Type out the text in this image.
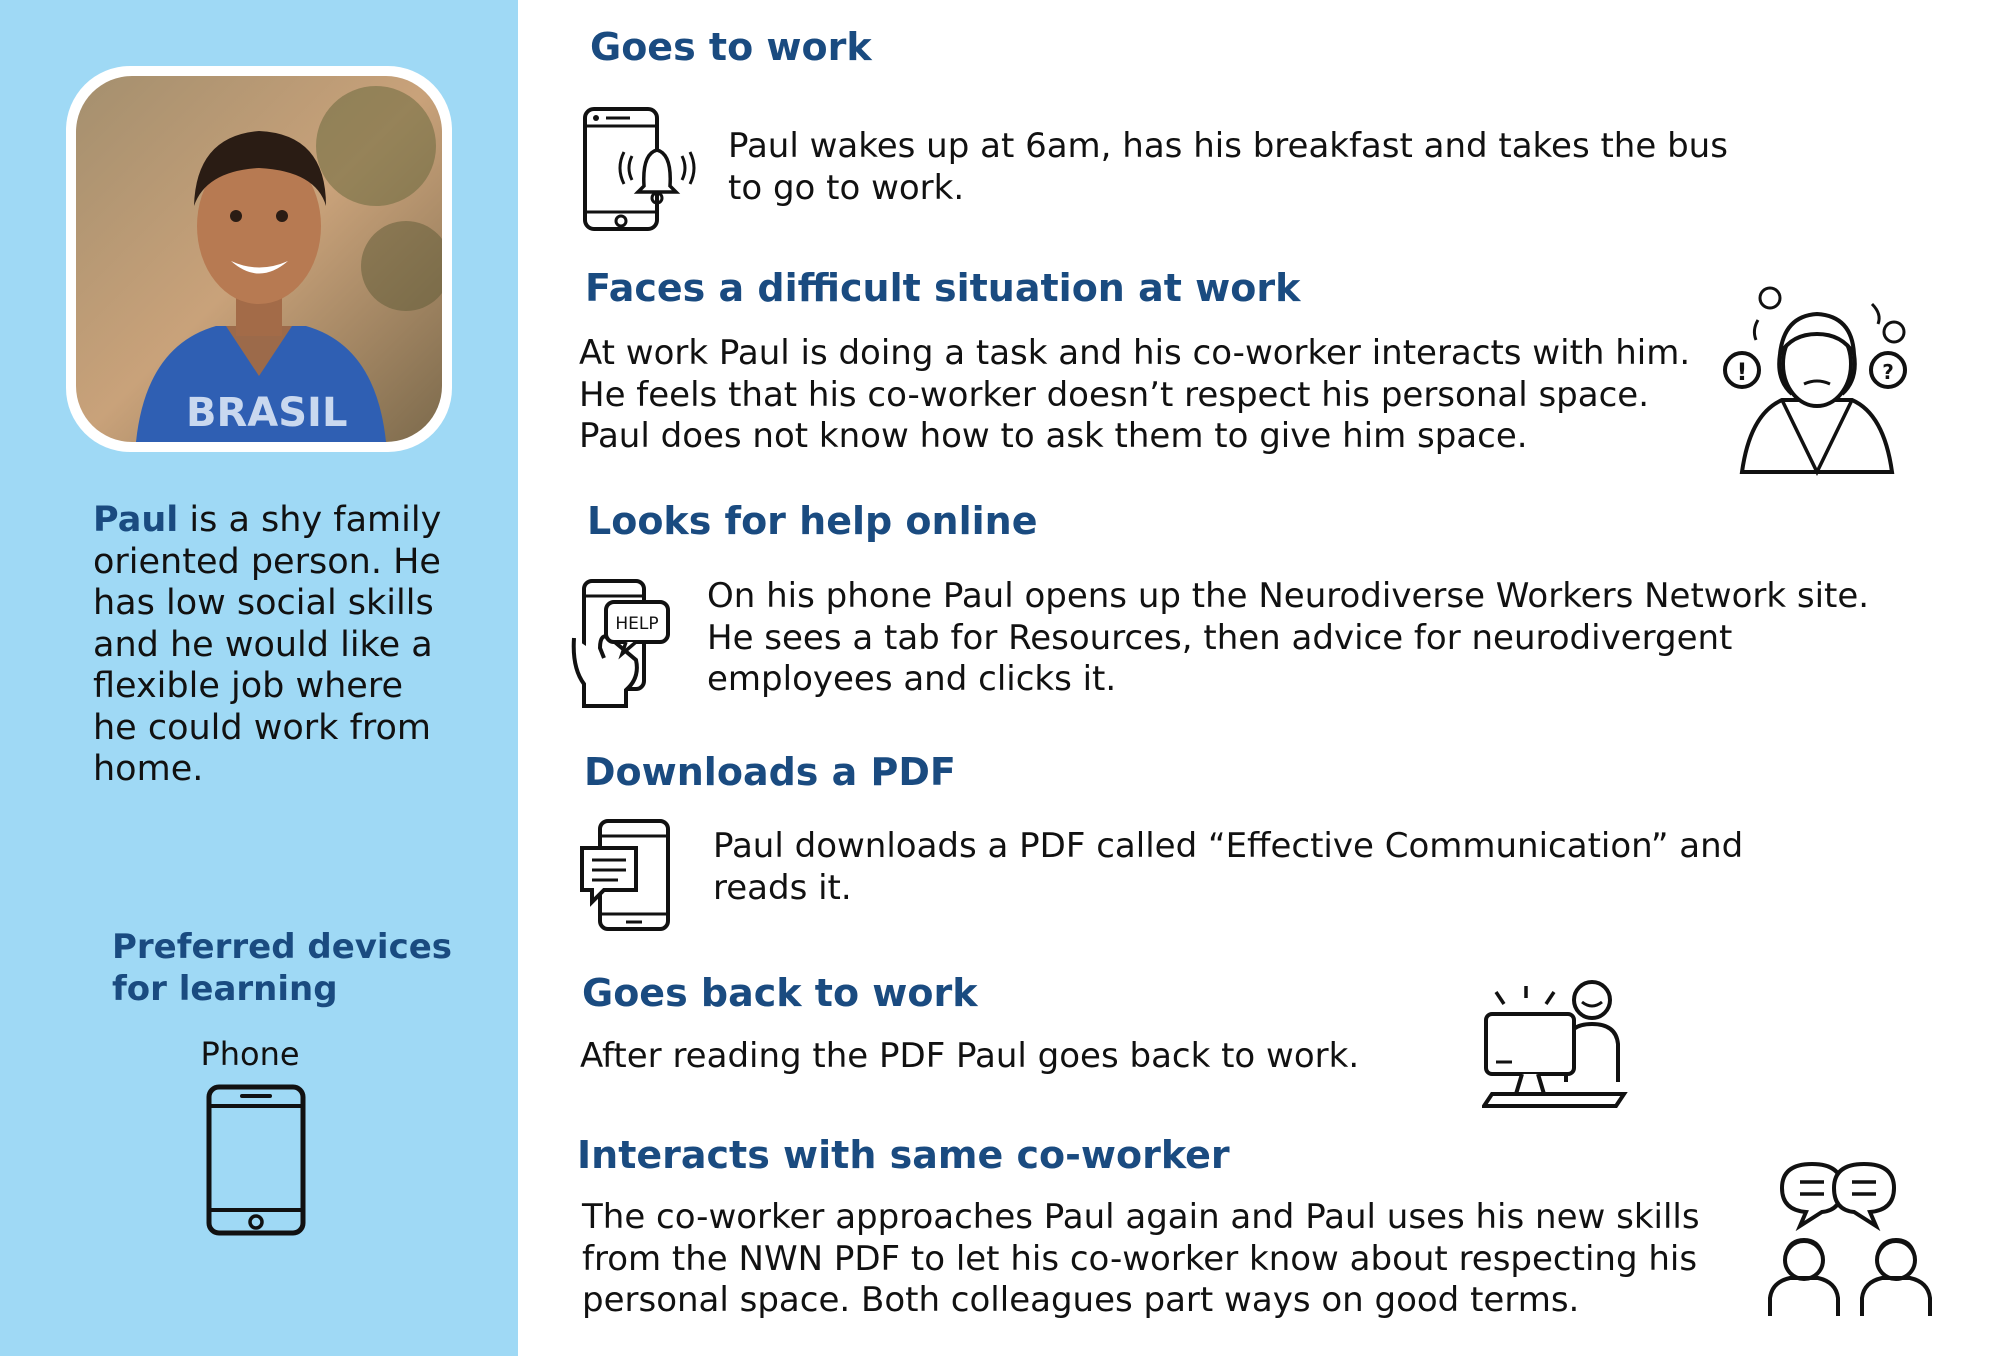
BRASIL
Paul is a shy family oriented person. He has low social skills and he would like a flexible job where he could work from home.
Preferred devices for learning
Phone
Goes to work
Paul wakes up at 6am, has his breakfast and takes the bus to go to work.
Faces a difficult situation at work
At work Paul is doing a task and his co-worker interacts with him. He feels that his co-worker doesn’t respect his personal space. Paul does not know how to ask them to give him space.
!	?
Looks for help online
HELP
On his phone Paul opens up the Neurodiverse Workers Network site. He sees a tab for Resources, then advice for neurodivergent employees and clicks it.
Downloads a PDF
Paul downloads a PDF called “Effective Communication” and reads it.
Goes back to work
After reading the PDF Paul goes back to work.
Interacts with same co-worker
The co-worker approaches Paul again and Paul uses his new skills from the NWN PDF to let his co-worker know about respecting his personal space. Both colleagues part ways on good terms.
